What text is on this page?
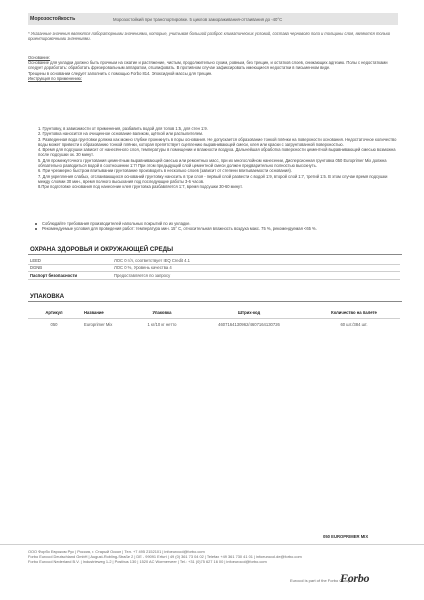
Морозостойкость	Морозостойкий при транспортировке. 5 циклов замораживания-оттаивания до -40°C
* Указанные значения являются лабораторными значениями, которые, учитывая большой разброс климатических условий, состава чернового пола и толщины слоя, являются только ориентировочными значениями.
Основание:
Основание для укладки должно быть прочным на сжатие и растяжение, чистым, продолжительно сухим, ровным, без трещин, и остатков слоев, снижающих адгезию. Полы с недостатками следует доработать: обработать фрезеровальным аппаратом, отшлифовать. В противном случае зафиксировать имеющиеся недостатки в письменном виде.
Трещины в основании следует заполнить с помощью Forbo 814. Эпоксидной массы для трещин.
Инструкция по применению:
1. Грунтовку, в зависимости от применения, разбавить водой для топов 1:5, для стен 1:9.
2. Грунтовка наносится на очищенное основание валиком, щёткой или распылителем.
3. Разведенная вода грунтовки должна как можно глубже проникнуть в поры основания. Не допускается образование тонкой плёнки на поверхности основания. Недостаточное количество воды может привести к образованию тонкой плёнки, которая препятствует сцеплению выравнивающей смеси, клея или краски с загрунтованной поверхностью.
4. Время для подсушки зависит от нанесённого слоя, температуры в помещении и влажности воздуха. Дальнейшая обработка поверхности цементной выравнивающей смесью возможна после подсушки ок. 30 минут.
5. Для промежуточного грунтования цементным выравнивающей смесью или ремонтных масс, при их многослойном нанесении, Дисперсионная грунтовка 050 Europrimer Mix должна обязательно разводиться водой в соотношении 1:7! При этом предыдущий слой цементной смеси должен предварительно полностью высохнуть.
6. При чрезмерно быстром впитывании грунтование производить в несколько слоев (зависит от степени впитываемости основания).
7. Для укрепления слабых, отслаивающихся оснований грунтовку наносить в три слоя - первый слой развести с водой 1:9, второй слой 1:7, третий 1:5. В этом случае время подсушки между слоями 30 мин., время полного высыхания под последующие работы 3-6 часов.
8.При подготовке основания под нанесение клея грунтовка разбавляется 1:7, время подсушки 30-60 минут.
Соблюдайте требования производителей напольных покрытий по их укладке.
Рекомендуемые условия для проведения работ: температура мин. 15° С, относительная влажность воздуха макс. 75 %, рекомендуемая <65 %.
ОХРАНА ЗДОРОВЬЯ И ОКРУЖАЮЩЕЙ СРЕДЫ
LEED	ЛОС 0 г/л, соответствует IEQ Credit 4.1
DGNB	ЛОС 0 %, Уровень качества 4
Паспорт безопасности	Предоставляется по запросу
УПАКОВКА
Артикул	Название	Упаковка	Штрих-код	Количество на палете
050	Europrimer Mix	1 кг/10 кг нетто	4607164130962/4607164130726	60 шт./384 шт.
050 EUROPRIMER MIX
ООО Форбо Евроком Рус | Россия, г. Старый Оскол | Тел. +7 495 2152101 | infoeurocol@forbo.com
Forbo Eurocol Deutschland GmbH | August-Robling-Straße 2 | DE - 99091 Erfurt | 49 (0) 361 73 04 02 | Telefax +49 361 730 41 01 | infoeurocol.de@forbo.com
Forbo Eurocol Nederland B.V. | Industrieweg 1-2 | Postbus 130 | 1520 AC Wormerveer | Tel.: +31 (0)75 627 16 00 | infoeurocol@forbo.com
Eurocol is part of the Forbo Group
Forbo
